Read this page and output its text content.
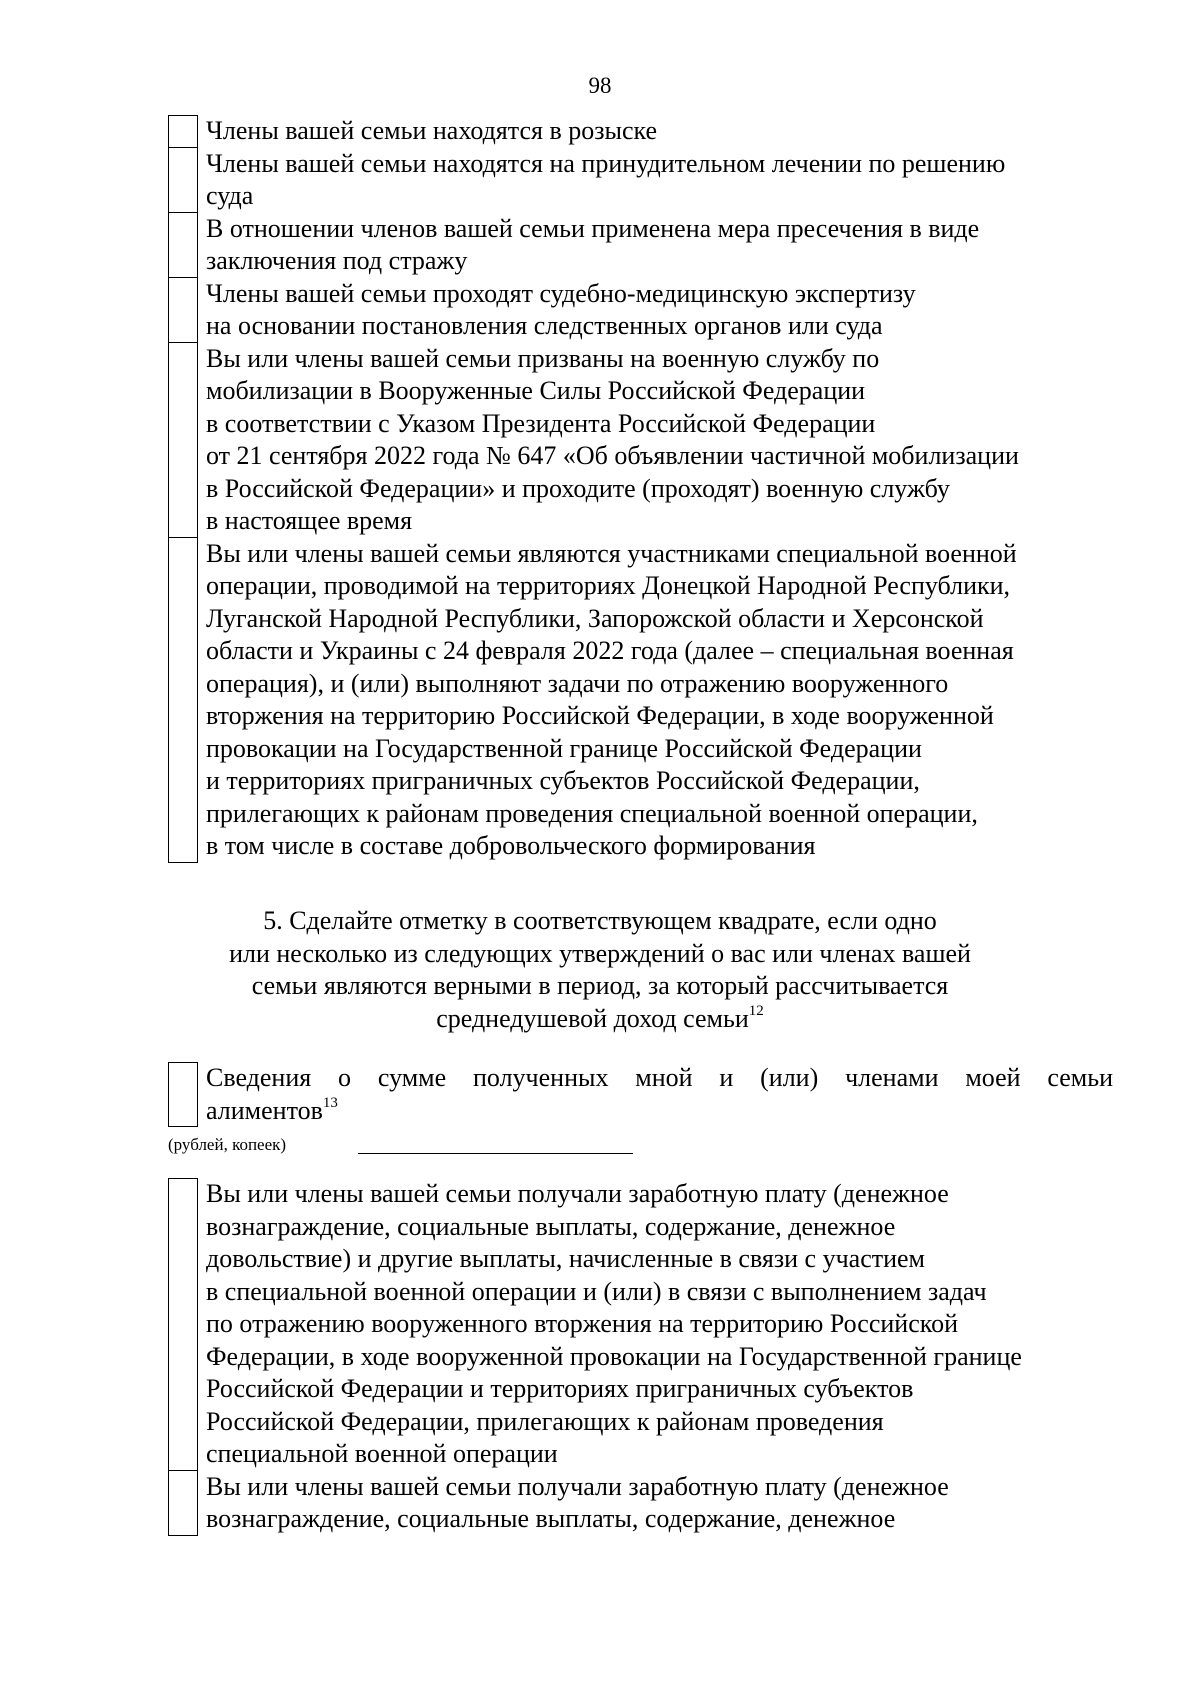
98
Члены вашей семьи находятся в розыске
Члены вашей семьи находятся на принудительном лечении по решению
суда
В отношении членов вашей семьи применена мера пресечения в виде
заключения под стражу
Члены вашей семьи проходят судебно-медицинскую экспертизу
на основании постановления следственных органов или суда
Вы или члены вашей семьи призваны на военную службу по
мобилизации в Вооруженные Силы Российской Федерации
в соответствии с Указом Президента Российской Федерации
от 21 сентября 2022 года № 647 «Об объявлении частичной мобилизации
в Российской Федерации» и проходите (проходят) военную службу
в настоящее время
Вы или члены вашей семьи являются участниками специальной военной
операции, проводимой на территориях Донецкой Народной Республики,
Луганской Народной Республики, Запорожской области и Херсонской
области и Украины с 24 февраля 2022 года (далее – специальная военная
операция), и (или) выполняют задачи по отражению вооруженного
вторжения на территорию Российской Федерации, в ходе вооруженной
провокации на Государственной границе Российской Федерации
и территориях приграничных субъектов Российской Федерации,
прилегающих к районам проведения специальной военной операции,
в том числе в составе добровольческого формирования
5. Сделайте отметку в соответствующем квадрате, если одно
или несколько из следующих утверждений о вас или членах вашей
семьи являются верными в период, за который рассчитывается
среднедушевой доход семьи$^{12}$
Сведения о сумме полученных мной и (или) членами моей семьи
алиментов$^{13}$
(рублей, копеек)
Вы или члены вашей семьи получали заработную плату (денежное
вознаграждение, социальные выплаты, содержание, денежное
довольствие) и другие выплаты, начисленные в связи с участием
в специальной военной операции и (или) в связи с выполнением задач
по отражению вооруженного вторжения на территорию Российской
Федерации, в ходе вооруженной провокации на Государственной границе
Российской Федерации и территориях приграничных субъектов
Российской Федерации, прилегающих к районам проведения
специальной военной операции
Вы или члены вашей семьи получали заработную плату (денежное
вознаграждение, социальные выплаты, содержание, денежное
